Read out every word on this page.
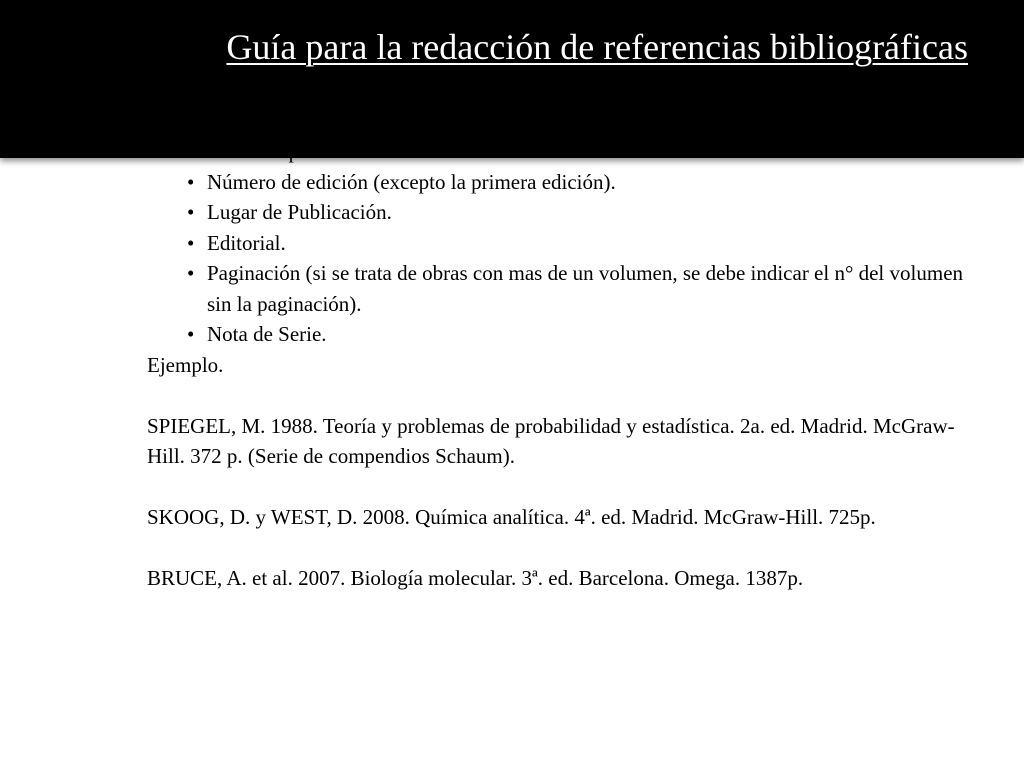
•
• Número de edición (excepto la primera edición).
• Lugar de Publicación.
• Editorial.
• Paginación (si se trata de obras con mas de un volumen, se debe indicar el n° del volumen sin la paginación).
• Nota de Serie.

Ejemplo.

SPIEGEL, M. 1988. Teoría y problemas de probabilidad y estadística. 2a. ed. Madrid. McGraw-Hill. 372 p. (Serie de compendios Schaum).

SKOOG, D. y WEST, D. 2008. Química analítica. 4ª. ed. Madrid. McGraw-Hill. 725p.

BRUCE, A. et al. 2007. Biología molecular. 3ª. ed. Barcelona. Omega. 1387p.

Guía para la redacción de referencias bibliográficas
